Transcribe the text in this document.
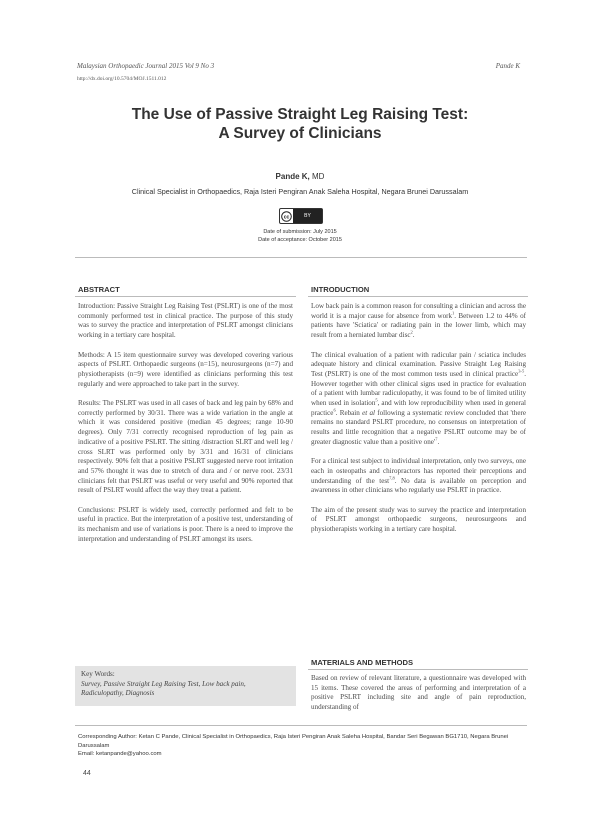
Malaysian Orthopaedic Journal 2015 Vol 9 No 3
http://dx.doi.org/10.5704/MOJ.1511.012
Pande K
The Use of Passive Straight Leg Raising Test:
A Survey of Clinicians
Pande K, MD
Clinical Specialist in Orthopaedics, Raja Isteri Pengiran Anak Saleha Hospital, Negara Brunei Darussalam
cc	BY
Date of submission: July 2015
Date of acceptance: October 2015
ABSTRACT

Introduction: Passive Straight Leg Raising Test (PSLRT) is one of the most commonly performed test in clinical practice. The purpose of this study was to survey the practice and interpretation of PSLRT amongst clinicians working in a tertiary care hospital.

Methods: A 15 item questionnaire survey was developed covering various aspects of PSLRT. Orthopaedic surgeons (n=15), neurosurgeons (n=7) and physiotherapists (n=9) were identified as clinicians performing this test regularly and were approached to take part in the survey.

Results: The PSLRT was used in all cases of back and leg pain by 68% and correctly performed by 30/31. There was a wide variation in the angle at which it was considered positive (median 45 degrees; range 10-90 degrees). Only 7/31 correctly recognised reproduction of leg pain as indicative of a positive PSLRT. The sitting /distraction SLRT and well leg / cross SLRT was performed only by 3/31 and 16/31 of clinicians respectively. 90% felt that a positive PSLRT suggested nerve root irritation and 57% thought it was due to stretch of dura and / or nerve root. 23/31 clinicians felt that PSLRT was useful or very useful and 90% reported that result of PSLRT would affect the way they treat a patient.

Conclusions: PSLRT is widely used, correctly performed and felt to be useful in practice. But the interpretation of a positive test, understanding of its mechanism and use of variations is poor. There is a need to improve the interpretation and understanding of PSLRT amongst its users.

Key Words:
Survey, Passive Straight Leg Raising Test, Low back pain, Radiculopathy, Diagnosis
INTRODUCTION

Low back pain is a common reason for consulting a clinician and across the world it is a major cause for absence from work$^1$. Between 1.2 to 44% of patients have 'Sciatica' or radiating pain in the lower limb, which may result from a herniated lumbar disc$^2$.

The clinical evaluation of a patient with radicular pain / sciatica includes adequate history and clinical examination. Passive Straight Leg Raising Test (PSLRT) is one of the most common tests used in clinical practice$^{3-5}$. However together with other clinical signs used in practice for evaluation of a patient with lumbar radiculopathy, it was found to be of limited utility when used in isolation$^5$, and with low reproducibility when used in general practice$^6$. Rebain et al following a systematic review concluded that 'there remains no standard PSLRT procedure, no consensus on interpretation of results and little recognition that a negative PSLRT outcome may be of greater diagnostic value than a positive $one'^7$.

For a clinical test subject to individual interpretation, only two surveys, one each in osteopaths and chiropractors has reported their perceptions and understanding of the test$^{7,8}$. No data is available on perception and awareness in other clinicians who regularly use PSLRT in practice.

The aim of the present study was to survey the practice and interpretation of PSLRT amongst orthopaedic surgeons, neurosurgeons and physiotherapists working in a tertiary care hospital.

MATERIALS AND METHODS

Based on review of relevant literature, a questionnaire was developed with 15 items. These covered the areas of performing and interpretation of a positive PSLRT including site and angle of pain reproduction, understanding of

Corresponding Author: Ketan C Pande, Clinical Specialist in Orthopaedics, Raja Isteri Pengiran Anak Saleha Hospital, Bandar Seri Begawan BG1710, Negara Brunei Darussalam
Email: ketanpande@yahoo.com
44
